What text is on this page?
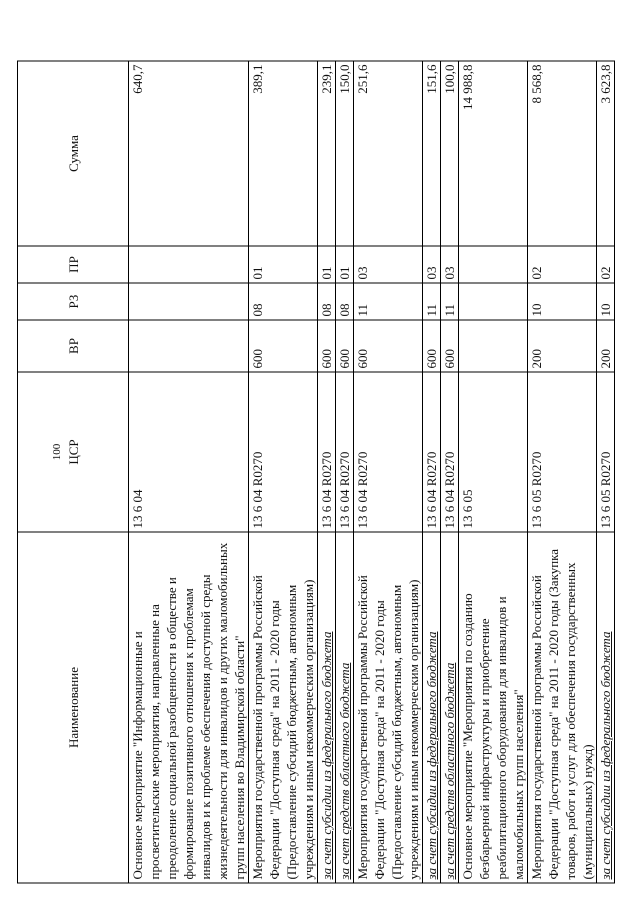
100
Наименование	ЦСР	ВР	РЗ	ПР	Сумма
Основное мероприятие "Информационные и просветительские мероприятия, направленные на преодоление социальной разобщенности в обществе и формирование позитивного отношения к проблемам инвалидов и к проблеме обеспечения доступной среды жизнедеятельности для инвалидов и других маломобильных групп населения во Владимирской области"	13 6 04				640,7
Мероприятия государственной программы Российской Федерации "Доступная среда" на 2011 - 2020 годы (Предоставление субсидий бюджетным, автономным учреждениям и иным некоммерческим организациям)	13 6 04 R0270	600	08	01	389,1
за счет субсидии из федерального бюджета	13 6 04 R0270	600	08	01	239,1
за счет средств областного бюджета	13 6 04 R0270	600	08	01	150,0
Мероприятия государственной программы Российской Федерации "Доступная среда" на 2011 - 2020 годы (Предоставление субсидий бюджетным, автономным учреждениям и иным некоммерческим организациям)	13 6 04 R0270	600	11	03	251,6
за счет субсидии из федерального бюджета	13 6 04 R0270	600	11	03	151,6
за счет средств областного бюджета	13 6 04 R0270	600	11	03	100,0
Основное мероприятие "Мероприятия по созданию безбарьерной инфраструктуры и приобретение реабилитационного оборудования для инвалидов и маломобильных групп населения"	13 6 05				14 988,8
Мероприятия государственной программы Российской Федерации "Доступная среда" на 2011 - 2020 годы (Закупка товаров, работ и услуг для обеспечения государственных (муниципальных) нужд)	13 6 05 R0270	200	10	02	8 568,8
за счет субсидии из федерального бюджета	13 6 05 R0270	200	10	02	3 623,8
